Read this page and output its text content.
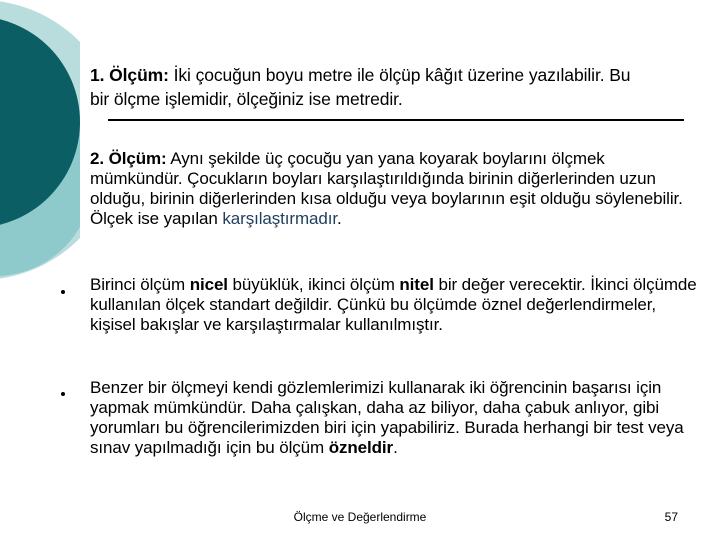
1. Ölçüm: İki çocuğun boyu metre ile ölçüp kâğıt üzerine yazılabilir. Bu bir ölçme işlemidir, ölçeğiniz ise metredir.

2. Ölçüm: Aynı şekilde üç çocuğu yan yana koyarak boylarını ölçmek mümkündür. Çocukların boyları karşılaştırıldığında birinin diğerlerinden uzun olduğu, birinin diğerlerinden kısa olduğu veya boylarının eşit olduğu söylenebilir. Ölçek ise yapılan karşılaştırmadır.

Birinci ölçüm nicel büyüklük, ikinci ölçüm nitel bir değer verecektir. İkinci ölçümde kullanılan ölçek standart değildir. Çünkü bu ölçümde öznel değerlendirmeler, kişisel bakışlar ve karşılaştırmalar kullanılmıştır.

Benzer bir ölçmeyi kendi gözlemlerimizi kullanarak iki öğrencinin başarısı için yapmak mümkündür. Daha çalışkan, daha az biliyor, daha çabuk anlıyor, gibi yorumları bu öğrencilerimizden biri için yapabiliriz. Burada herhangi bir test veya sınav yapılmadığı için bu ölçüm özneldir.

Ölçme ve Değerlendirme	57
